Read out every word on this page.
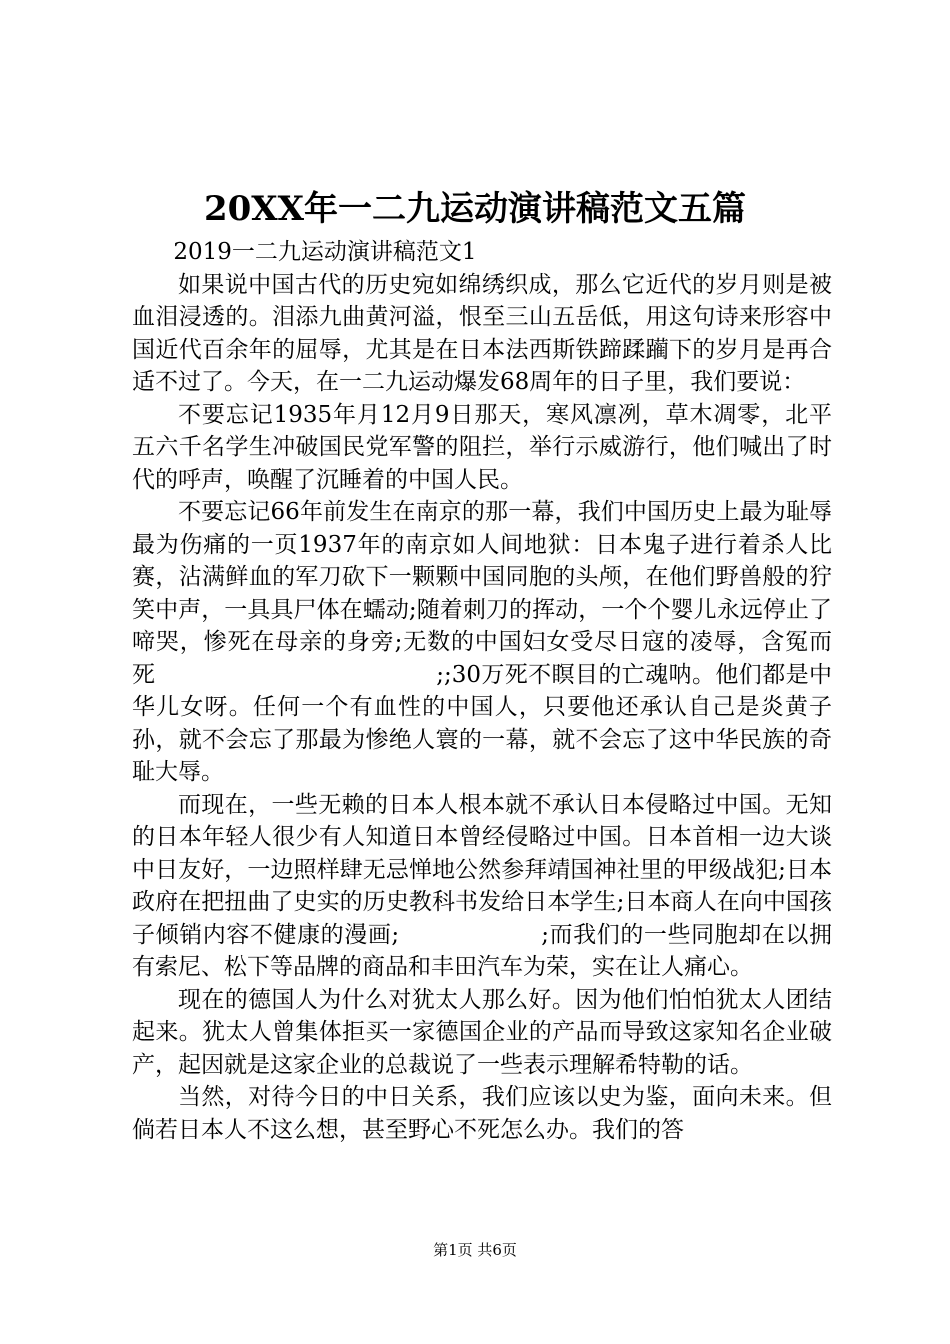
20XX年一二九运动演讲稿范文五篇

2019一二九运动演讲稿范文1

如果说中国古代的历史宛如绵绣织成，那么它近代的岁月则是被血泪浸透的。泪添九曲黄河溢，恨至三山五岳低，用这句诗来形容中国近代百余年的屈辱，尤其是在日本法西斯铁蹄蹂躏下的岁月是再合适不过了。今天，在一二九运动爆发68周年的日子里，我们要说：

不要忘记1935年月12月9日那天，寒风凛冽，草木凋零，北平五六千名学生冲破国民党军警的阻拦，举行示威游行，他们喊出了时代的呼声，唤醒了沉睡着的中国人民。

不要忘记66年前发生在南京的那一幕，我们中国历史上最为耻辱最为伤痛的一页1937年的南京如人间地狱：日本鬼子进行着杀人比赛，沾满鲜血的军刀砍下一颗颗中国同胞的头颅，在他们野兽般的狞笑中声，一具具尸体在蠕动;随着刺刀的挥动，一个个婴儿永远停止了啼哭，惨死在母亲的身旁;无数的中国妇女受尽日寇的凌辱，含冤而死　　　　　　　　　　　　;;30万死不瞑目的亡魂呐。他们都是中华儿女呀。任何一个有血性的中国人，只要他还承认自己是炎黄子孙，就不会忘了那最为惨绝人寰的一幕，就不会忘了这中华民族的奇耻大辱。

而现在，一些无赖的日本人根本就不承认日本侵略过中国。无知的日本年轻人很少有人知道日本曾经侵略过中国。日本首相一边大谈中日友好，一边照样肆无忌惮地公然参拜靖国神社里的甲级战犯;日本政府在把扭曲了史实的历史教科书发给日本学生;日本商人在向中国孩子倾销内容不健康的漫画;　　　　　　;而我们的一些同胞却在以拥有索尼、松下等品牌的商品和丰田汽车为荣，实在让人痛心。

现在的德国人为什么对犹太人那么好。因为他们怕怕犹太人团结起来。犹太人曾集体拒买一家德国企业的产品而导致这家知名企业破产，起因就是这家企业的总裁说了一些表示理解希特勒的话。

当然，对待今日的中日关系，我们应该以史为鉴，面向未来。但倘若日本人不这么想，甚至野心不死怎么办。我们的答

第1页 共6页
